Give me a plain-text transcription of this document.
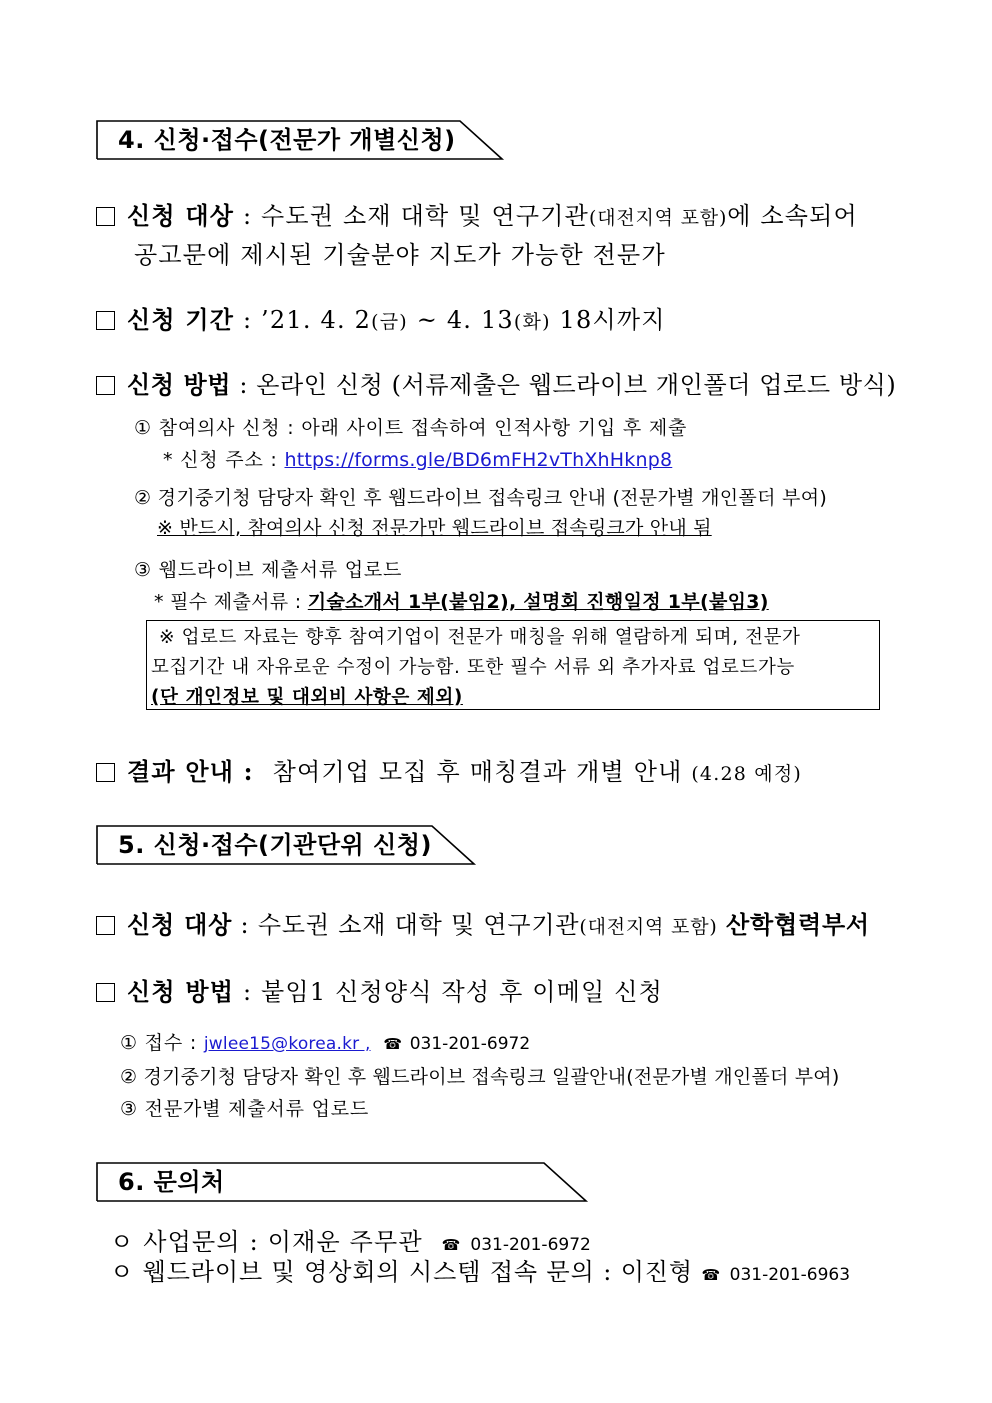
4. 신청·접수(전문가 개별신청)
신청 대상 : 수도권 소재 대학 및 연구기관(대전지역 포함)에 소속되어
공고문에 제시된 기술분야 지도가 가능한 전문가
신청 기간 : ’21. 4. 2(금) ~ 4. 13(화) 18시까지
신청 방법 : 온라인 신청 (서류제출은 웹드라이브 개인폴더 업로드 방식)
① 참여의사 신청 : 아래 사이트 접속하여 인적사항 기입 후 제출
* 신청 주소 : https://forms.gle/BD6mFH2vThXhHknp8
② 경기중기청 담당자 확인 후 웹드라이브 접속링크 안내 (전문가별 개인폴더 부여)
※ 반드시, 참여의사 신청 전문가만 웹드라이브 접속링크가 안내 됨
③ 웹드라이브 제출서류 업로드
* 필수 제출서류 : 기술소개서 1부(붙임2), 설명회 진행일정 1부(붙임3)
※ 업로드 자료는 향후 참여기업이 전문가 매칭을 위해 열람하게 되며, 전문가
모집기간 내 자유로운 수정이 가능함. 또한 필수 서류 외 추가자료 업로드가능
(단 개인정보 및 대외비 사항은 제외)
결과 안내 : 참여기업 모집 후 매칭결과 개별 안내 (4.28 예정)
5. 신청·접수(기관단위 신청)
신청 대상 : 수도권 소재 대학 및 연구기관(대전지역 포함) 산학협력부서
신청 방법 : 붙임1 신청양식 작성 후 이메일 신청
① 접수 : jwlee15@korea.kr , ☎ 031-201-6972
② 경기중기청 담당자 확인 후 웹드라이브 접속링크 일괄안내(전문가별 개인폴더 부여)
③ 전문가별 제출서류 업로드
6. 문의처
ㅇ 사업문의 : 이재운 주무관 ☎ 031-201-6972
ㅇ 웹드라이브 및 영상회의 시스템 접속 문의 : 이진형 ☎ 031-201-6963
